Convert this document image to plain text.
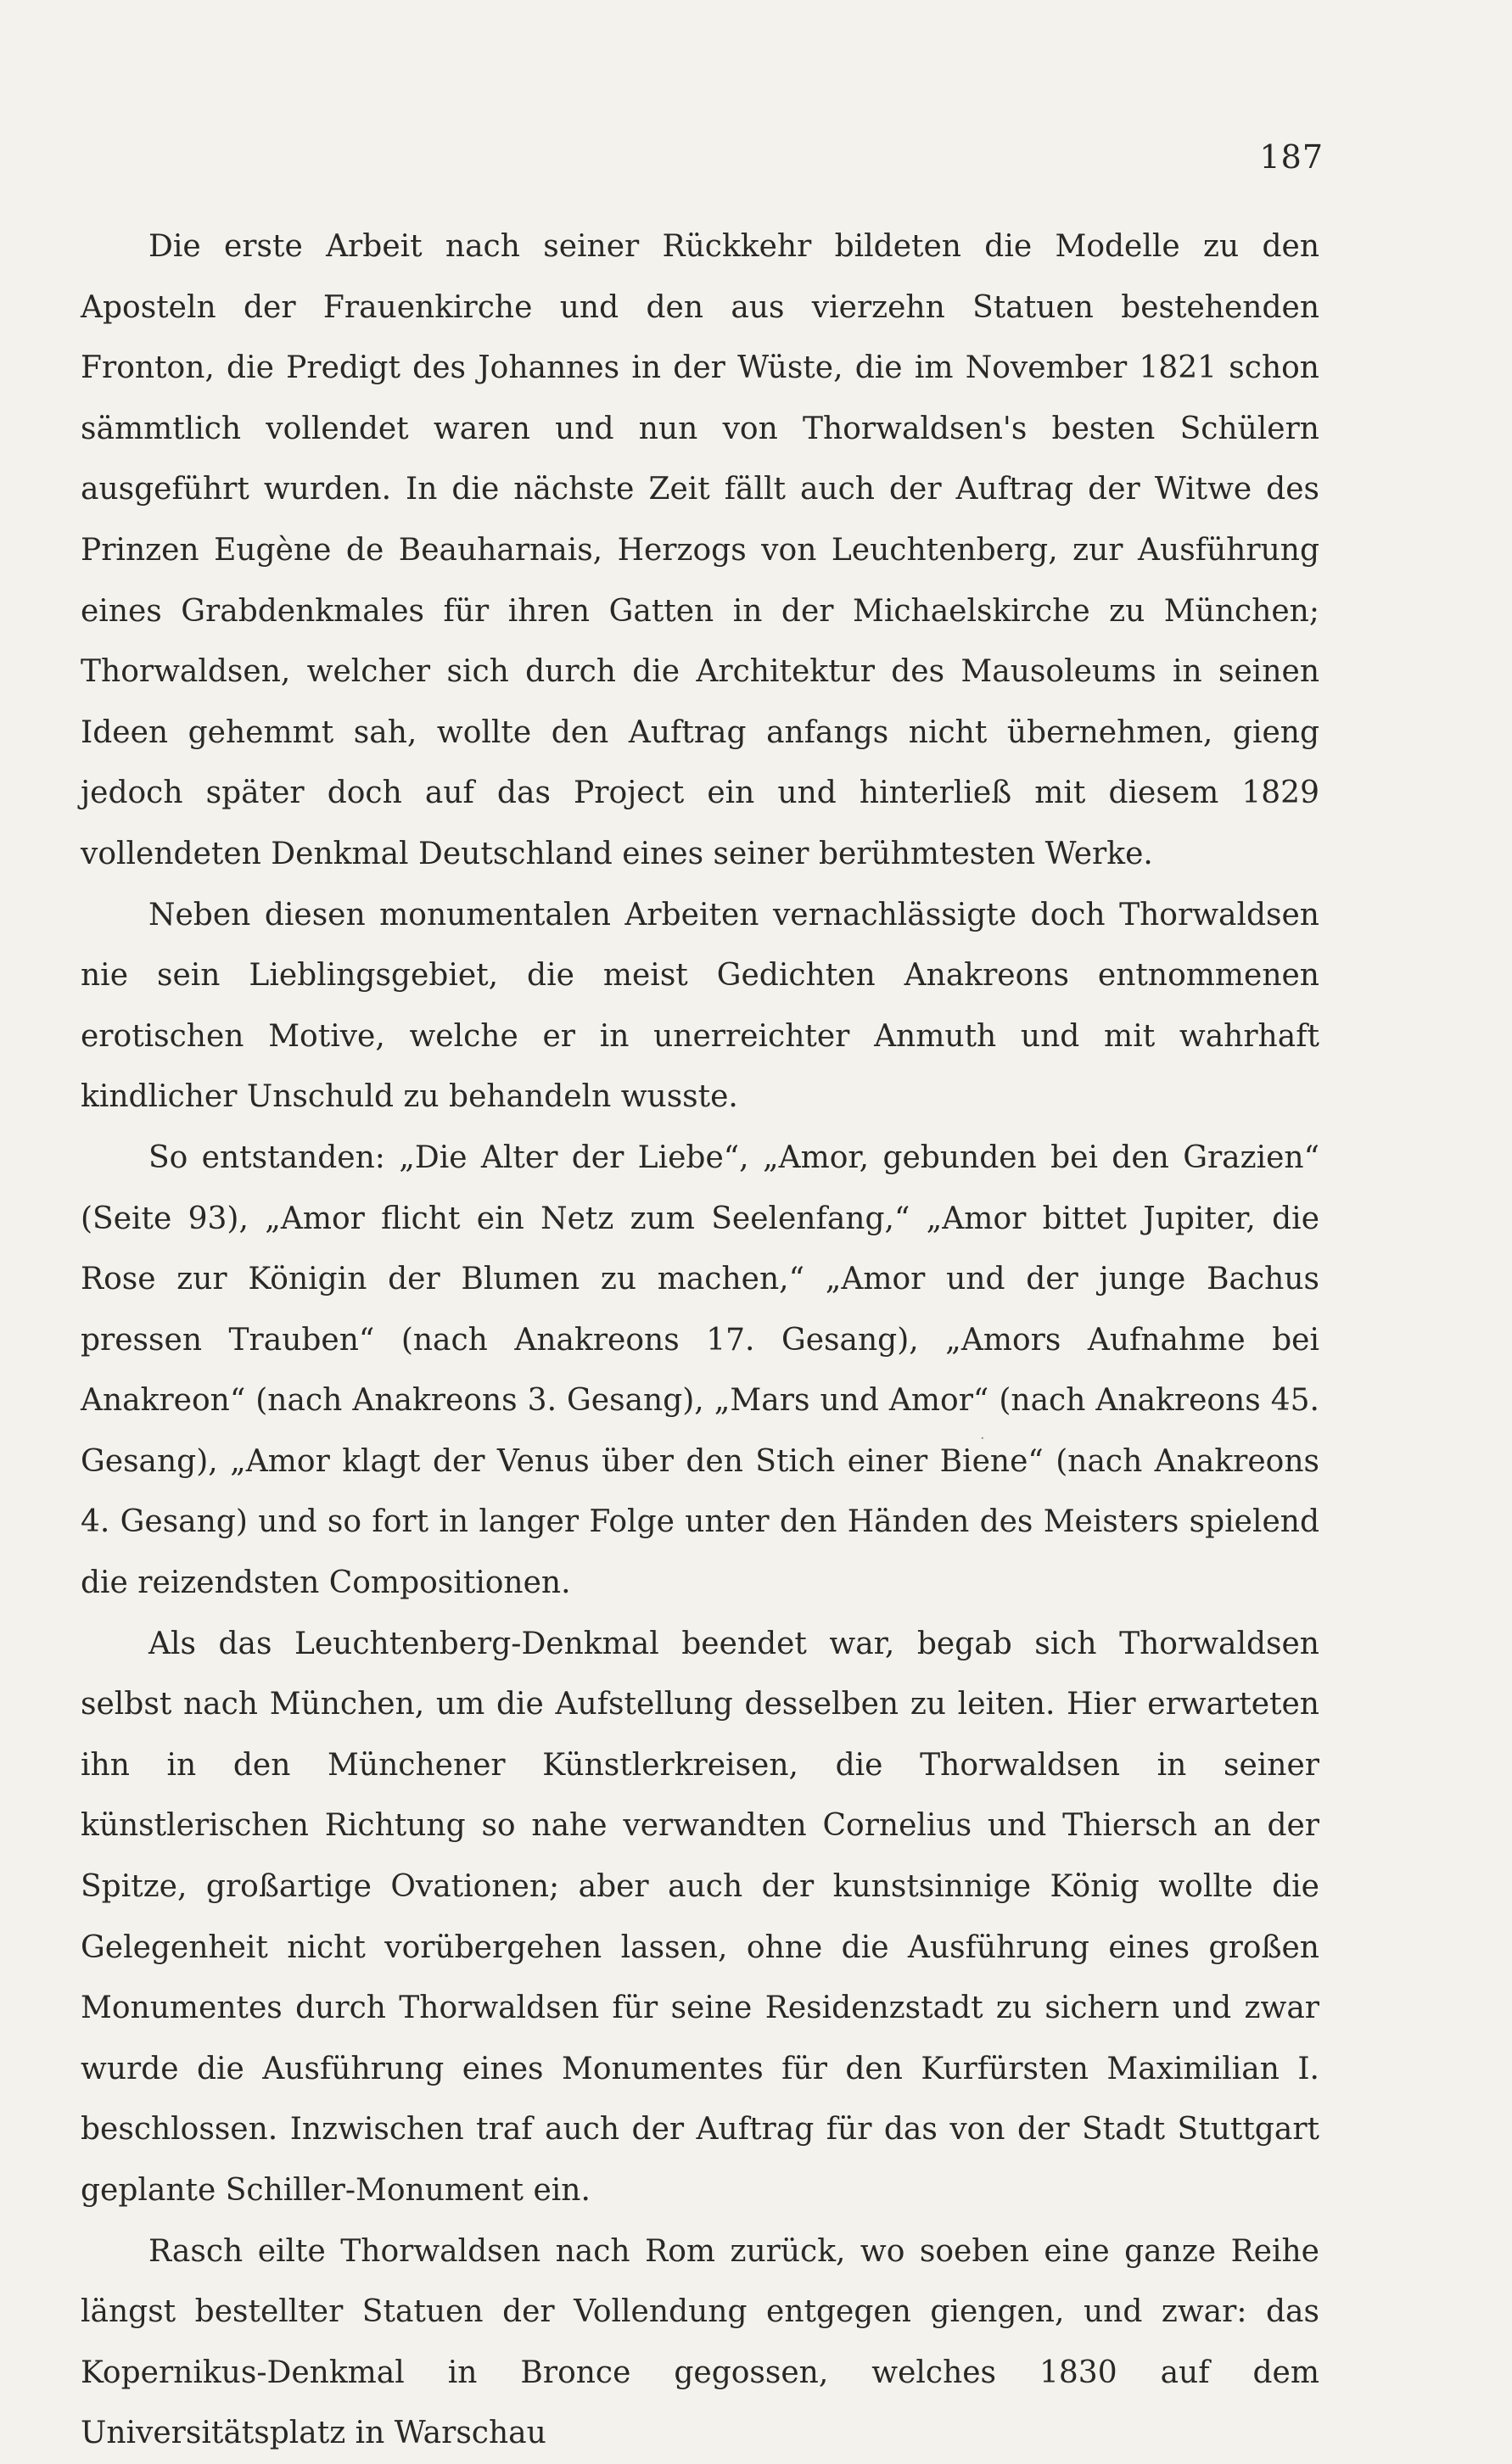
187

Die erste Arbeit nach seiner Rückkehr bildeten die Modelle zu den Aposteln der Frauenkirche und den aus vierzehn Statuen bestehenden Fronton, die Predigt des Johannes in der Wüste, die im November 1821 schon sämmtlich vollendet waren und nun von Thorwaldsen's besten Schülern ausgeführt wurden. In die nächste Zeit fällt auch der Auftrag der Witwe des Prinzen Eugène de Beauharnais, Herzogs von Leuchtenberg, zur Ausführung eines Grabdenkmales für ihren Gatten in der Michaelskirche zu München; Thorwaldsen, welcher sich durch die Architektur des Mausoleums in seinen Ideen gehemmt sah, wollte den Auftrag anfangs nicht übernehmen, gieng jedoch später doch auf das Project ein und hinterließ mit diesem 1829 vollendeten Denkmal Deutschland eines seiner berühmtesten Werke.

Neben diesen monumentalen Arbeiten vernachlässigte doch Thorwaldsen nie sein Lieblingsgebiet, die meist Gedichten Anakreons entnommenen erotischen Motive, welche er in unerreichter Anmuth und mit wahrhaft kindlicher Unschuld zu behandeln wusste.

So entstanden: „Die Alter der Liebe“, „Amor, gebunden bei den Grazien“ (Seite 93), „Amor flicht ein Netz zum Seelenfang,“ „Amor bittet Jupiter, die Rose zur Königin der Blumen zu machen,“ „Amor und der junge Bachus pressen Trauben“ (nach Anakreons 17. Gesang), „Amors Aufnahme bei Anakreon“ (nach Anakreons 3. Gesang), „Mars und Amor“ (nach Anakreons 45. Gesang), „Amor klagt der Venus über den Stich einer Biene“ (nach Anakreons 4. Gesang) und so fort in langer Folge unter den Händen des Meisters spielend die reizendsten Compositionen.

Als das Leuchtenberg-Denkmal beendet war, begab sich Thorwaldsen selbst nach München, um die Aufstellung desselben zu leiten. Hier erwarteten ihn in den Münchener Künstlerkreisen, die Thorwaldsen in seiner künstlerischen Richtung so nahe verwandten Cornelius und Thiersch an der Spitze, großartige Ovationen; aber auch der kunstsinnige König wollte die Gelegenheit nicht vorübergehen lassen, ohne die Ausführung eines großen Monumentes durch Thorwaldsen für seine Residenzstadt zu sichern und zwar wurde die Ausführung eines Monumentes für den Kurfürsten Maximilian I. beschlossen. Inzwischen traf auch der Auftrag für das von der Stadt Stuttgart geplante Schiller-Monument ein.

Rasch eilte Thorwaldsen nach Rom zurück, wo soeben eine ganze Reihe längst bestellter Statuen der Vollendung entgegen giengen, und zwar: das Kopernikus-Denkmal in Bronce gegossen, welches 1830 auf dem Universitätsplatz in Warschau

·
